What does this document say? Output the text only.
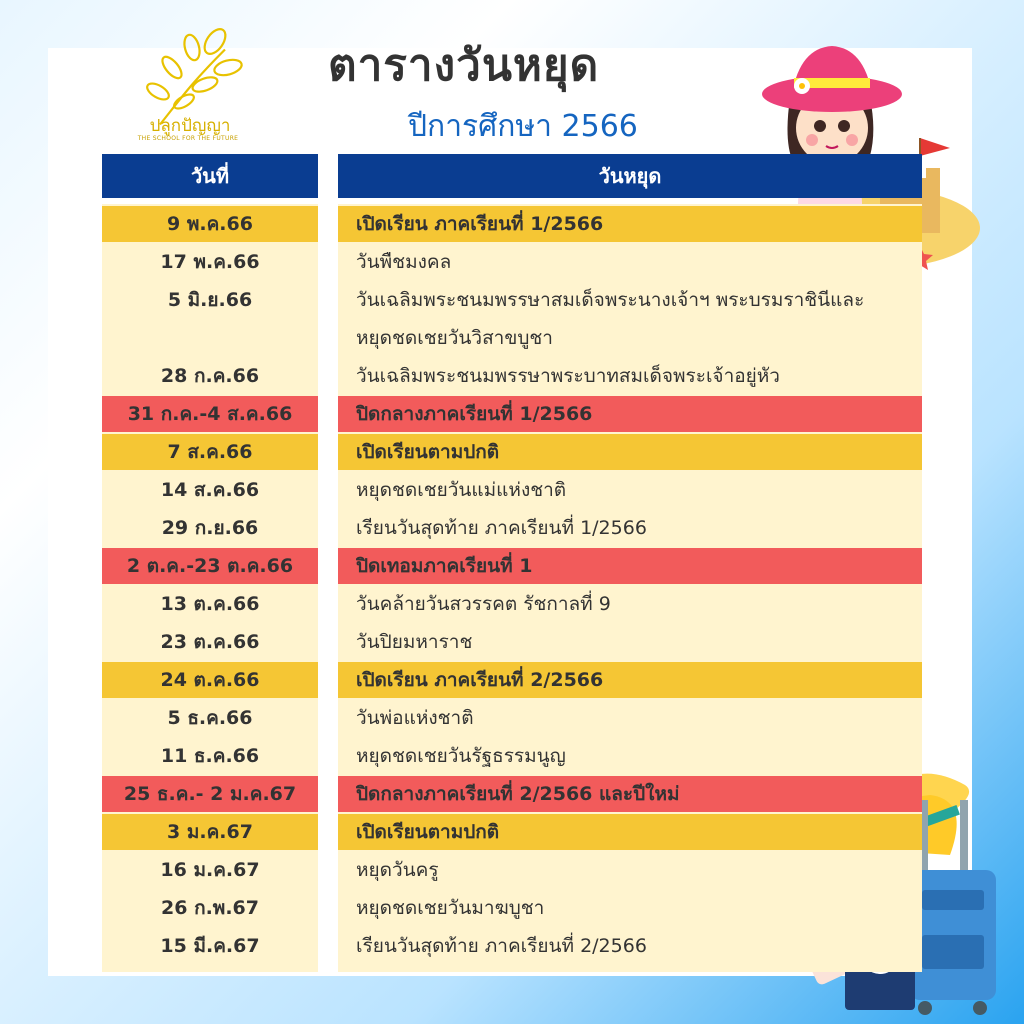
ปลูกปัญญา
THE SCHOOL FOR THE FUTURE
ตารางวันหยุด
ปีการศึกษา 2566
วันที่	วันหยุด
9 พ.ค.66	เปิดเรียน ภาคเรียนที่ 1/2566
17 พ.ค.66	วันพืชมงคล
5 มิ.ย.66	วันเฉลิมพระชนมพรรษาสมเด็จพระนางเจ้าฯ พระบรมราชินีและ
หยุดชดเชยวันวิสาขบูชา
28 ก.ค.66	วันเฉลิมพระชนมพรรษาพระบาทสมเด็จพระเจ้าอยู่หัว
31 ก.ค.-4 ส.ค.66	ปิดกลางภาคเรียนที่ 1/2566
7 ส.ค.66	เปิดเรียนตามปกติ
14 ส.ค.66	หยุดชดเชยวันแม่แห่งชาติ
29 ก.ย.66	เรียนวันสุดท้าย ภาคเรียนที่ 1/2566
2 ต.ค.-23 ต.ค.66	ปิดเทอมภาคเรียนที่ 1
13 ต.ค.66	วันคล้ายวันสวรรคต รัชกาลที่ 9
23 ต.ค.66	วันปิยมหาราช
24 ต.ค.66	เปิดเรียน ภาคเรียนที่ 2/2566
5 ธ.ค.66	วันพ่อแห่งชาติ
11 ธ.ค.66	หยุดชดเชยวันรัฐธรรมนูญ
25 ธ.ค.- 2 ม.ค.67	ปิดกลางภาคเรียนที่ 2/2566 และปีใหม่
3 ม.ค.67	เปิดเรียนตามปกติ
16 ม.ค.67	หยุดวันครู
26 ก.พ.67	หยุดชดเชยวันมาฆบูชา
15 มี.ค.67	เรียนวันสุดท้าย ภาคเรียนที่ 2/2566
